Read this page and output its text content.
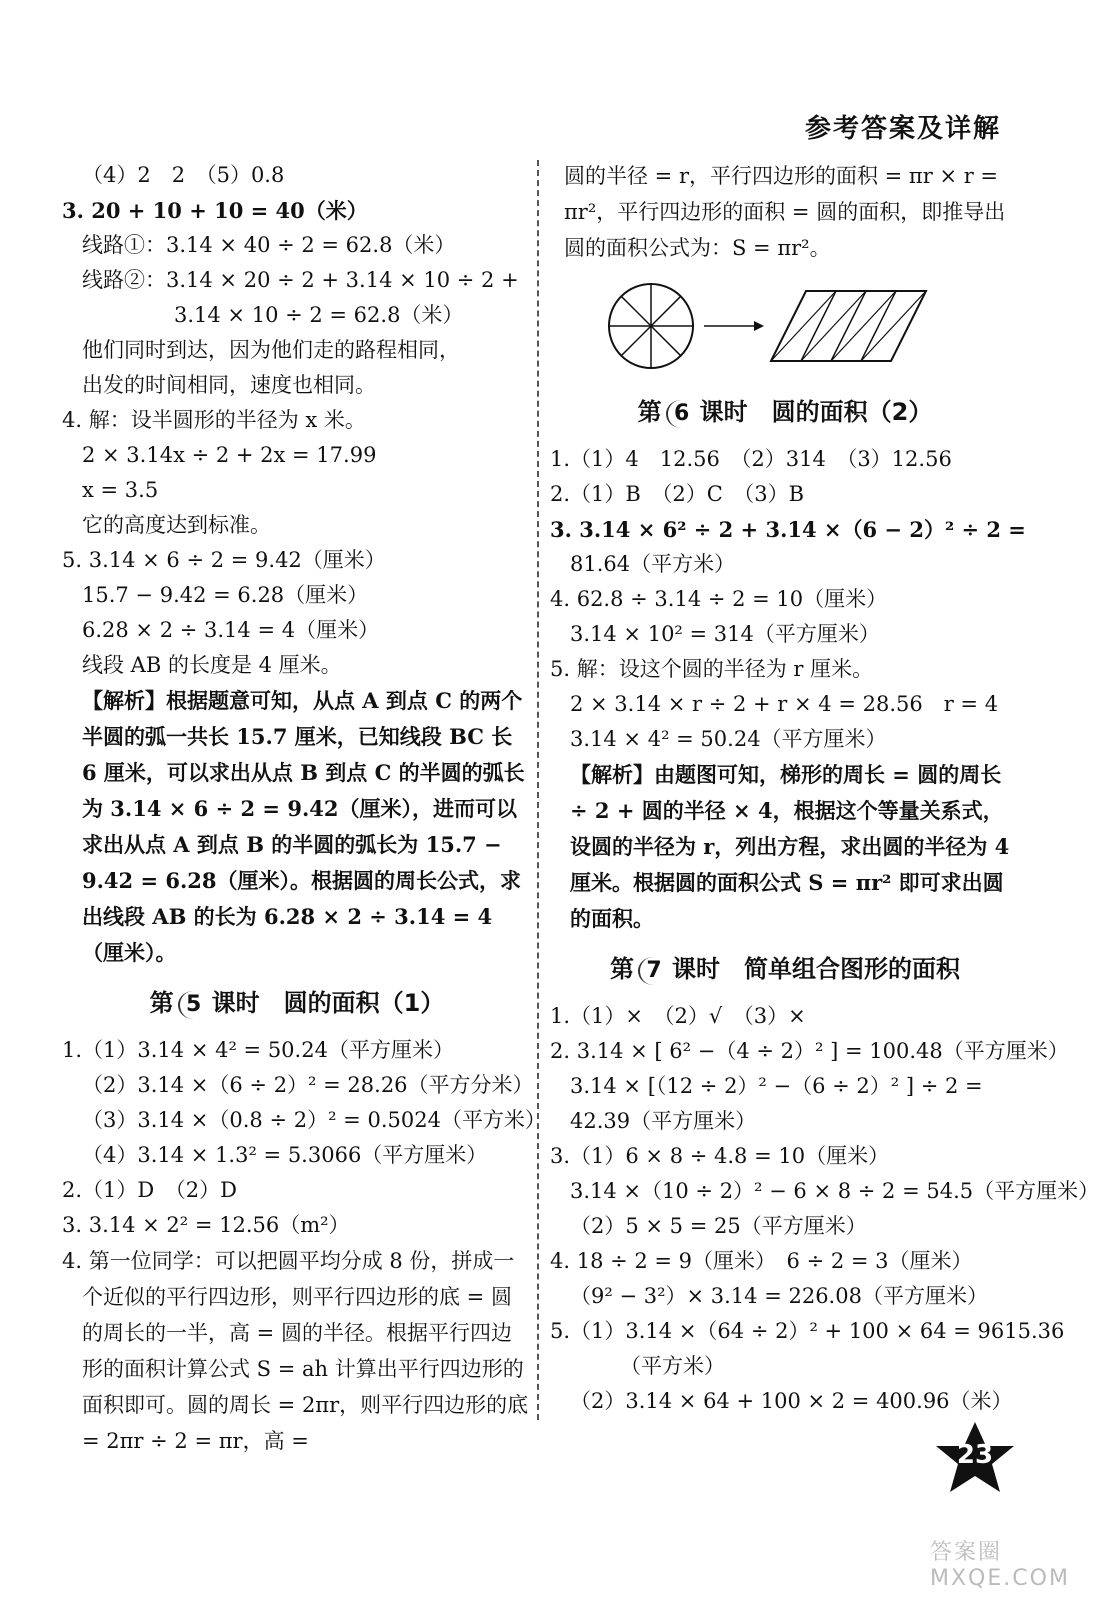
参考答案及详解
（4）2　2　（5）0.8
3. 20 + 10 + 10 = 40（米）
线路①：3.14 × 40 ÷ 2 = 62.8（米）
线路②：3.14 × 20 ÷ 2 + 3.14 × 10 ÷ 2 +
3.14 × 10 ÷ 2 = 62.8（米）
他们同时到达，因为他们走的路程相同，
出发的时间相同，速度也相同。
4. 解：设半圆形的半径为 x 米。
2 × 3.14x ÷ 2 + 2x = 17.99
x = 3.5
它的高度达到标准。
5. 3.14 × 6 ÷ 2 = 9.42（厘米）
15.7 − 9.42 = 6.28（厘米）
6.28 × 2 ÷ 3.14 = 4（厘米）
线段 AB 的长度是 4 厘米。
【解析】根据题意可知，从点 A 到点 C 的两个半圆的弧一共长 15.7 厘米，已知线段 BC 长 6 厘米，可以求出从点 B 到点 C 的半圆的弧长为 3.14 × 6 ÷ 2 = 9.42（厘米），进而可以求出从点 A 到点 B 的半圆的弧长为 15.7 − 9.42 = 6.28（厘米）。根据圆的周长公式，求出线段 AB 的长为 6.28 × 2 ÷ 3.14 = 4（厘米）。
第 5 课时　圆的面积（1）
1.（1）3.14 × 4² = 50.24（平方厘米）
（2）3.14 ×（6 ÷ 2）² = 28.26（平方分米）
（3）3.14 ×（0.8 ÷ 2）² = 0.5024（平方米）
（4）3.14 × 1.3² = 5.3066（平方厘米）
2.（1）D　（2）D
3. 3.14 × 2² = 12.56（m²）
4. 第一位同学：可以把圆平均分成 8 份，拼成一个近似的平行四边形，则平行四边形的底 = 圆的周长的一半，高 = 圆的半径。根据平行四边形的面积计算公式 S = ah 计算出平行四边形的面积即可。圆的周长 = 2πr，则平行四边形的底 = 2πr ÷ 2 = πr，高 =
圆的半径 = r，平行四边形的面积 = πr × r = πr²，平行四边形的面积 = 圆的面积，即推导出圆的面积公式为：S = πr²。
第 6 课时　圆的面积（2）
1.（1）4　12.56　（2）314　（3）12.56
2.（1）B　（2）C　（3）B
3. 3.14 × 6² ÷ 2 + 3.14 ×（6 − 2）² ÷ 2 =
81.64（平方米）
4. 62.8 ÷ 3.14 ÷ 2 = 10（厘米）
3.14 × 10² = 314（平方厘米）
5. 解：设这个圆的半径为 r 厘米。
2 × 3.14 × r ÷ 2 + r × 4 = 28.56　r = 4
3.14 × 4² = 50.24（平方厘米）
【解析】由题图可知，梯形的周长 = 圆的周长 ÷ 2 + 圆的半径 × 4，根据这个等量关系式，设圆的半径为 r，列出方程，求出圆的半径为 4 厘米。根据圆的面积公式 S = πr² 即可求出圆的面积。
第 7 课时　简单组合图形的面积
1.（1）×　（2）√　（3）×
2. 3.14 × [ 6² −（4 ÷ 2）² ] = 100.48（平方厘米）
3.14 × [（12 ÷ 2）² −（6 ÷ 2）² ] ÷ 2 =
42.39（平方厘米）
3.（1）6 × 8 ÷ 4.8 = 10（厘米）
3.14 ×（10 ÷ 2）² − 6 × 8 ÷ 2 = 54.5（平方厘米）
（2）5 × 5 = 25（平方厘米）
4. 18 ÷ 2 = 9（厘米）　6 ÷ 2 = 3（厘米）
（9² − 3²）× 3.14 = 226.08（平方厘米）
5.（1）3.14 ×（64 ÷ 2）² + 100 × 64 = 9615.36
（平方米）
（2）3.14 × 64 + 100 × 2 = 400.96（米）
23
答案圈 MXQE.COM
